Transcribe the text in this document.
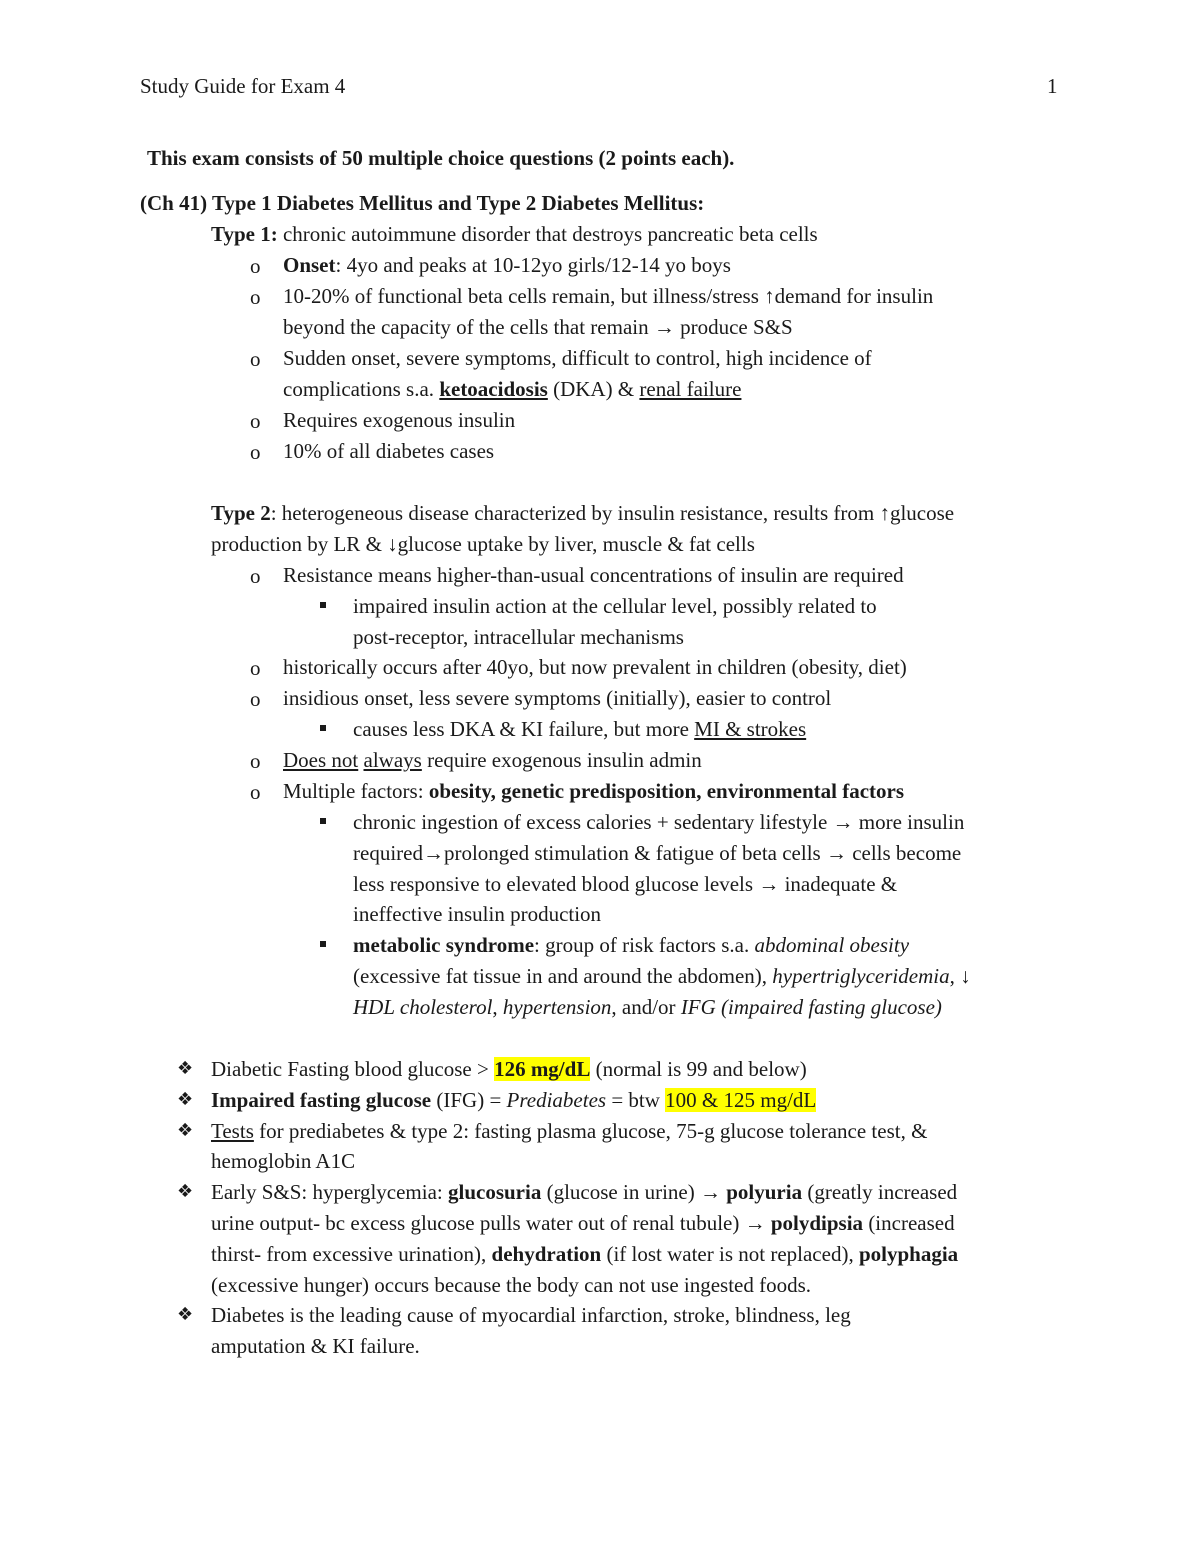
Study Guide for Exam 4	1
This exam consists of 50 multiple choice questions (2 points each).
(Ch 41) Type 1 Diabetes Mellitus and Type 2 Diabetes Mellitus:
Type 1: chronic autoimmune disorder that destroys pancreatic beta cells
o Onset: 4yo and peaks at 10-12yo girls/12-14 yo boys
o 10-20% of functional beta cells remain, but illness/stress ↑demand for insulin
beyond the capacity of the cells that remain → produce S&S
o Sudden onset, severe symptoms, difficult to control, high incidence of
complications s.a. ketoacidosis (DKA) & renal failure
o Requires exogenous insulin
o 10% of all diabetes cases
Type 2: heterogeneous disease characterized by insulin resistance, results from ↑glucose
production by LR & ↓glucose uptake by liver, muscle & fat cells
o Resistance means higher-than-usual concentrations of insulin are required
impaired insulin action at the cellular level, possibly related to
post-receptor, intracellular mechanisms
o historically occurs after 40yo, but now prevalent in children (obesity, diet)
o insidious onset, less severe symptoms (initially), easier to control
causes less DKA & KI failure, but more MI & strokes
o Does not always require exogenous insulin admin
o Multiple factors: obesity, genetic predisposition, environmental factors
chronic ingestion of excess calories + sedentary lifestyle → more insulin
required→prolonged stimulation & fatigue of beta cells → cells become
less responsive to elevated blood glucose levels → inadequate &
ineffective insulin production
metabolic syndrome: group of risk factors s.a. abdominal obesity
(excessive fat tissue in and around the abdomen), hypertriglyceridemia, ↓
HDL cholesterol, hypertension, and/or IFG (impaired fasting glucose)
❖ Diabetic Fasting blood glucose > 126 mg/dL (normal is 99 and below)
❖ Impaired fasting glucose (IFG) = Prediabetes = btw 100 & 125 mg/dL
❖ Tests for prediabetes & type 2: fasting plasma glucose, 75-g glucose tolerance test, &
hemoglobin A1C
❖ Early S&S: hyperglycemia: glucosuria (glucose in urine) → polyuria (greatly increased
urine output- bc excess glucose pulls water out of renal tubule) → polydipsia (increased
thirst- from excessive urination), dehydration (if lost water is not replaced), polyphagia
(excessive hunger) occurs because the body can not use ingested foods.
❖ Diabetes is the leading cause of myocardial infarction, stroke, blindness, leg
amputation & KI failure.
